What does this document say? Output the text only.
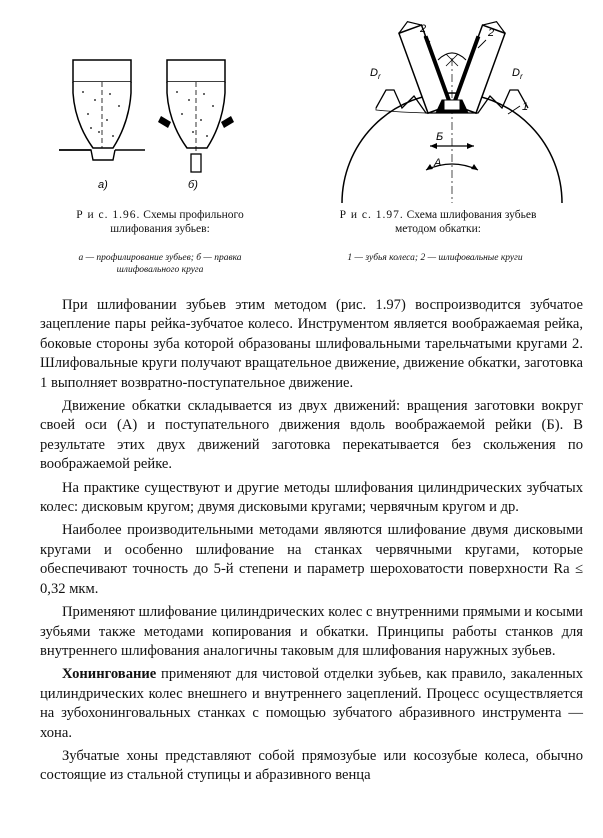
а)	б)
2	2
$D_r$	$D_r$
1
Б
A
Р и с. 1.96. Схемы профильного шлифования зубьев:
а — профилирование зубьев; б — правка шлифовального круга
Р и с. 1.97. Схема шлифования зубьев методом обкатки:
1 — зубья колеса; 2 — шлифовальные круги

При шлифовании зубьев этим методом (рис. 1.97) воспроизводится зубчатое зацепление пары рейка-зубчатое колесо. Инструментом является воображаемая рейка, боковые стороны зуба которой образованы шлифовальными тарельчатыми кругами 2. Шлифовальные круги получают вращательное движение, движение обкатки, заготовка 1 выполняет возвратно-поступательное движение.

Движение обкатки складывается из двух движений: вращения заготовки вокруг своей оси (А) и поступательного движения вдоль воображаемой рейки (Б). В результате этих двух движений заготовка перекатывается без скольжения по воображаемой рейке.

На практике существуют и другие методы шлифования цилиндрических зубчатых колес: дисковым кругом; двумя дисковыми кругами; червячным кругом и др.

Наиболее производительными методами являются шлифование двумя дисковыми кругами и особенно шлифование на станках червячными кругами, которые обеспечивают точность до 5-й степени и параметр шероховатости поверхности Ra ≤ 0,32 мкм.

Применяют шлифование цилиндрических колес с внутренними прямыми и косыми зубьями также методами копирования и обкатки. Принципы работы станков для внутреннего шлифования аналогичны таковым для шлифования наружных зубьев.

Хонингование применяют для чистовой отделки зубьев, как правило, закаленных цилиндрических колес внешнего и внутреннего зацеплений. Процесс осуществляется на зубохонинговальных станках с помощью зубчатого абразивного инструмента — хона.

Зубчатые хоны представляют собой прямозубые или косозубые колеса, обычно состоящие из стальной ступицы и абразивного венца
